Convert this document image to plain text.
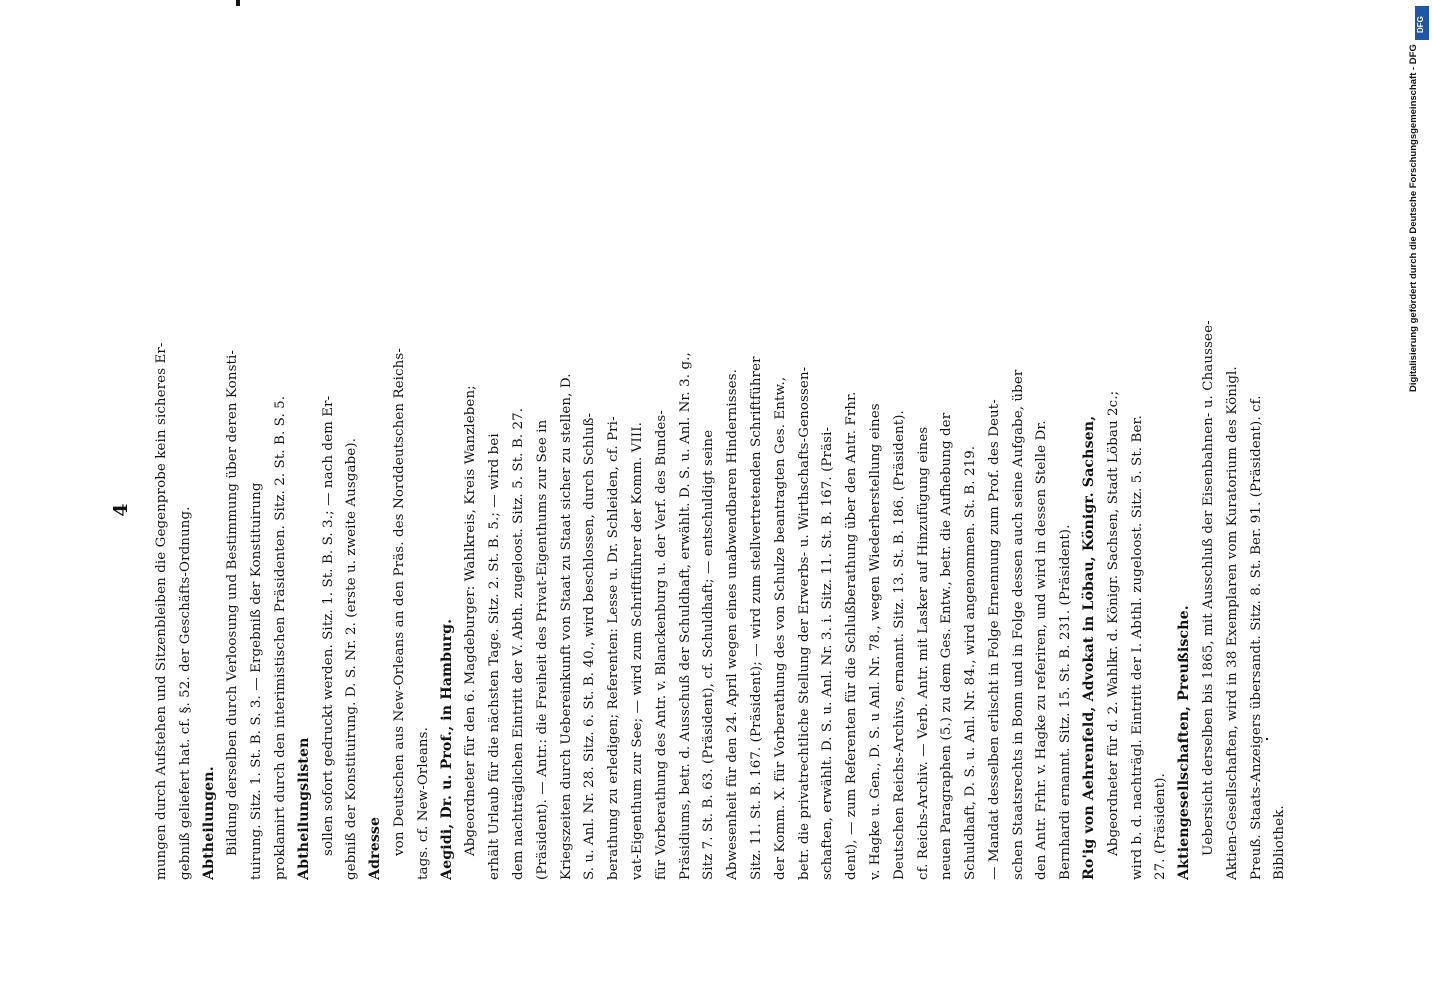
4 mungen durch Aufstehen und Sitzenbleiben die Gegenprobe kein sicheres Er- gebniß geliefert hat. cf. §. 52. der Geschäfts-Ordnung. Abtheilungen. Bildung derselben durch Verloosung und Bestimmung über deren Konsti- tuirung. Sitz. 1. St. B. S. 3. — Ergebniß der Konstituirung proklamirt durch den interimistischen Präsidenten. Sitz. 2. St. B. S. 5. Abtheilungslisten sollen sofort gedruckt werden. Sitz. 1. St. B. S. 3.; — nach dem Er- gebniß der Konstituirung. D. S. Nr. 2. (erste u. zweite Ausgabe). Adresse von Deutschen aus New-Orleans an den Präs. des Norddeutschen Reichs- tags. cf. New-Orleans. Aegidi, Dr. u. Prof., in Hamburg. Abgeordneter für den 6. Magdeburger: Wahlkreis, Kreis Wanzleben; erhält Urlaub für die nächsten Tage. Sitz. 2. St. B. 5.; — wird bei dem nachträglichen Eintritt der V. Abth. zugeloost. Sitz. 5. St. B. 27. (Präsident). — Antr.: die Freiheit des Privat-Eigenthums zur See in Kriegszeiten durch Uebereinkunft von Staat zu Staat sicher zu stellen, D. S. u. Anl. Nr. 28. Sitz. 6. St. B. 40., wird beschlossen, durch Schluß- berathung zu erledigen; Referenten: Lesse u. Dr. Schleiden, cf. Pri- vat-Eigenthum zur See; — wird zum Schriftführer der Komm. VIII. für Vorberathung des Antr. v. Blanckenburg u. der Verf. des Bundes- Präsidiums, betr. d. Ausschuß der Schuldhaft, erwählt. D. S. u. Anl. Nr. 3. g., Sitz 7. St. B. 63. (Präsident), cf. Schuldhaft; — entschuldigt seine Abwesenheit für den 24. April wegen eines unabwendbaren Hindernisses. Sitz. 11. St. B. 167. (Präsident); — wird zum stellvertretenden Schriftführer der Komm. X. für Vorberathung des von Schulze beantragten Ges. Entw., betr. die privatrechtliche Stellung der Erwerbs- u. Wirthschafts-Genossen- schaften, erwählt. D. S. u. Anl. Nr. 3. i. Sitz. 11. St. B. 167. (Präsi- dent), — zum Referenten für die Schlußberathung über den Antr. Frhr. v. Hagke u. Gen., D. S. u Anl. Nr. 78., wegen Wiederherstellung eines Deutschen Reichs-Archivs, ernannt. Sitz. 13. St. B. 186. (Präsident). cf. Reichs-Archiv. — Verb. Antr. mit Lasker auf Hinzufügung eines neuen Paragraphen (5.) zu dem Ges. Entw., betr. die Aufhebung der Schuldhaft, D. S. u. Anl. Nr. 84., wird angenommen. St. B. 219. — Mandat desselben erlischt in Folge Ernennung zum Prof. des Deut- schen Staatsrechts in Bonn und in Folge dessen auch seine Aufgabe, über den Antr. Frhr. v. Hagke zu referiren, und wird in dessen Stelle Dr. Bernhardi ernannt. Sitz. 15. St. B. 231. (Präsident). Ro'ig von Aehrenfeld, Advokat in Löbau, Königr. Sachsen, Abgeordneter für d. 2. Wahlkr. d. Königr. Sachsen, Stadt Löbau 2c.; wird b. d. nachträgl. Eintritt der I. Abthl. zugeloost. Sitz. 5. St. Ber. 27. (Präsident). Aktiengesellschaften, Preußische. Uebersicht derselben bis 1865, mit Ausschluß der Eisenbahnen- u. Chaussee- Aktien-Gesellschaften, wird in 38 Exemplaren vom Kuratorium des Königl. Preuß. Staats-Anzeigers übersandt. Sitz. 8. St. Ber. 91. (Präsident). cf. Bibliothek.
DFG
Digitalisierung gefördert durch die Deutsche Forschungsgemeinschaft - DFG
